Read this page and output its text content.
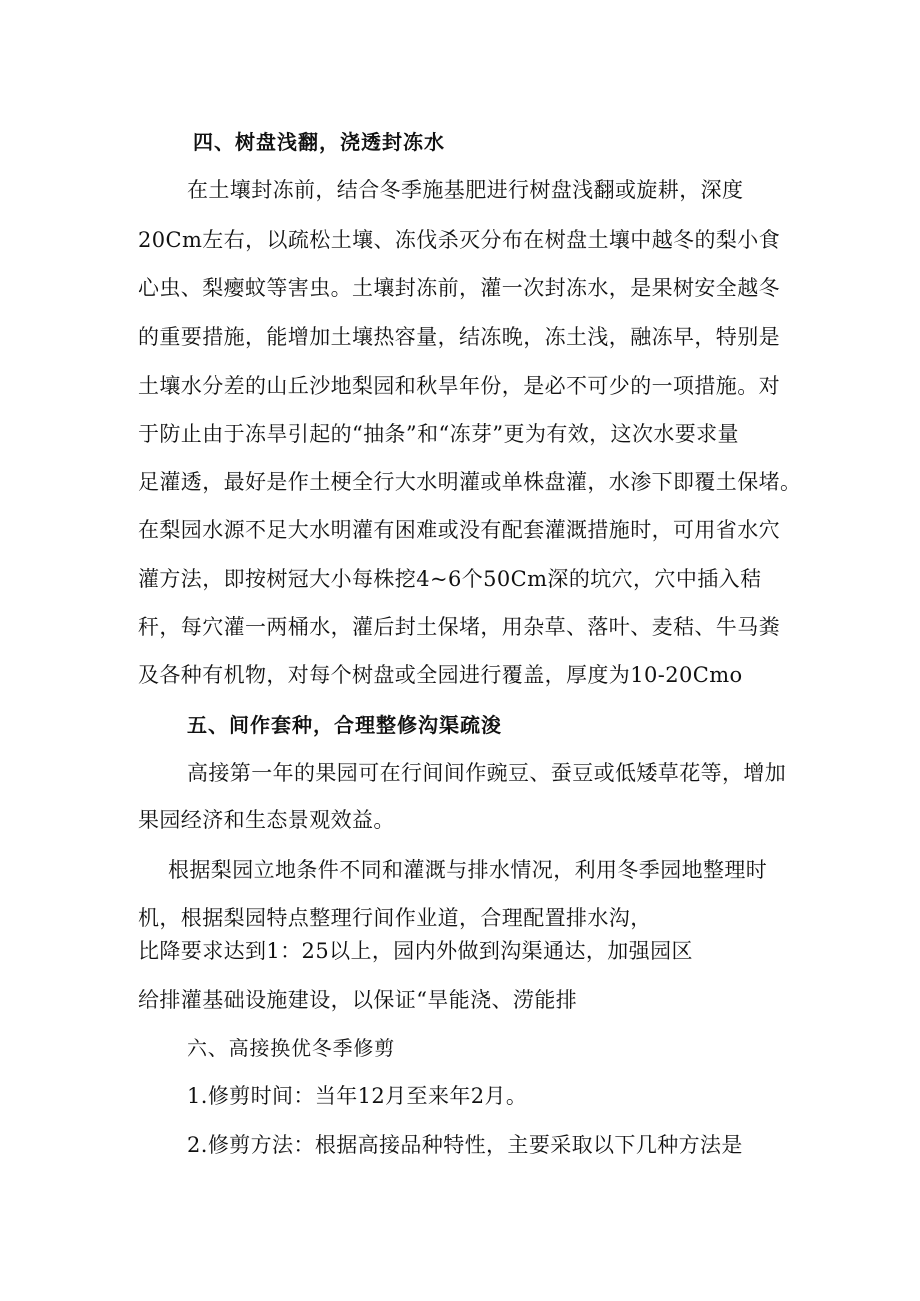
四、树盘浅翻，浇透封冻水
在土壤封冻前，结合冬季施基肥进行树盘浅翻或旋耕，深度
20Cm左右，以疏松土壤、冻伐杀灭分布在树盘土壤中越冬的梨小食
心虫、梨瘿蚊等害虫。土壤封冻前，灌一次封冻水，是果树安全越冬
的重要措施，能增加土壤热容量，结冻晚，冻土浅，融冻早，特别是
土壤水分差的山丘沙地梨园和秋旱年份，是必不可少的一项措施。对
于防止由于冻旱引起的“抽条”和“冻芽”更为有效，这次水要求量
足灌透，最好是作土梗全行大水明灌或单株盘灌，水渗下即覆土保堵。
在梨园水源不足大水明灌有困难或没有配套灌溉措施时，可用省水穴
灌方法，即按树冠大小每株挖4~6个50Cm深的坑穴，穴中插入秸
秆，每穴灌一两桶水，灌后封土保堵，用杂草、落叶、麦秸、牛马粪
及各种有机物，对每个树盘或全园进行覆盖，厚度为10-20Cmo
五、间作套种，合理整修沟渠疏浚
高接第一年的果园可在行间间作豌豆、蚕豆或低矮草花等，增加
果园经济和生态景观效益。
根据梨园立地条件不同和灌溉与排水情况，利用冬季园地整理时
机，根据梨园特点整理行间作业道，合理配置排水沟，
比降要求达到1：25以上，园内外做到沟渠通达，加强园区
给排灌基础设施建设，以保证“旱能浇、涝能排
六、高接换优冬季修剪
1.修剪时间：当年12月至来年2月。
2.修剪方法：根据高接品种特性，主要采取以下几种方法是
